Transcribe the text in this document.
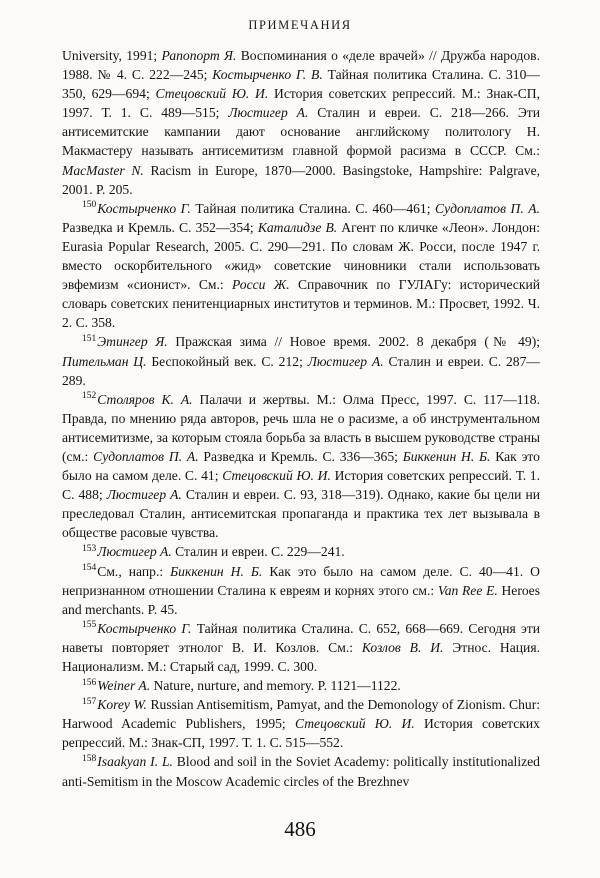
ПРИМЕЧАНИЯ

University, 1991; Рапопорт Я. Воспоминания о «деле врачей» // Дружба народов. 1988. № 4. С. 222—245; Костырченко Г. В. Тайная политика Сталина. С. 310—350, 629—694; Стецовский Ю. И. История советских репрессий. М.: Знак-СП, 1997. Т. 1. С. 489—515; Люстигер А. Сталин и евреи. С. 218—266. Эти антисемитские кампании дают основание английскому политологу Н. Макмастеру называть антисемитизм главной формой расизма в СССР. См.: MacMaster N. Racism in Europe, 1870—2000. Basingstoke, Hampshire: Palgrave, 2001. P. 205.

$^{150}$Костырченко Г. Тайная политика Сталина. С. 460—461; Судоплатов П. А. Разведка и Кремль. С. 352—354; Каталидзе В. Агент по кличке «Леон». Лондон: Eurasia Popular Research, 2005. С. 290—291. По словам Ж. Росси, после 1947 г. вместо оскорбительного «жид» советские чиновники стали использовать эвфемизм «сионист». См.: Росси Ж. Справочник по ГУЛАГу: исторический словарь советских пенитенциарных институтов и терминов. М.: Просвет, 1992. Ч. 2. С. 358.

$^{151}$Этингер Я. Пражская зима // Новое время. 2002. 8 декабря (№ 49); Пительман Ц. Беспокойный век. С. 212; Люстигер А. Сталин и евреи. С. 287—289.

$^{152}$Столяров К. А. Палачи и жертвы. М.: Олма Пресс, 1997. С. 117—118. Правда, по мнению ряда авторов, речь шла не о расизме, а об инструментальном антисемитизме, за которым стояла борьба за власть в высшем руководстве страны (см.: Судоплатов П. А. Разведка и Кремль. С. 336—365; Биккенин Н. Б. Как это было на самом деле. С. 41; Стецовский Ю. И. История советских репрессий. Т. 1. С. 488; Люстигер А. Сталин и евреи. С. 93, 318—319). Однако, какие бы цели ни преследовал Сталин, антисемитская пропаганда и практика тех лет вызывала в обществе расовые чувства.

$^{153}$Люстигер А. Сталин и евреи. С. 229—241.

$^{154}$См., напр.: Биккенин Н. Б. Как это было на самом деле. С. 40—41. О непризнанном отношении Сталина к евреям и корнях этого см.: Van Ree E. Heroes and merchants. P. 45.

$^{155}$Костырченко Г. Тайная политика Сталина. С. 652, 668—669. Сегодня эти наветы повторяет этнолог В. И. Козлов. См.: Козлов В. И. Этнос. Нация. Национализм. М.: Старый сад, 1999. С. 300.

$^{156}$Weiner A. Nature, nurture, and memory. P. 1121—1122.

$^{157}$Korey W. Russian Antisemitism, Pamyat, and the Demonology of Zionism. Chur: Harwood Academic Publishers, 1995; Стецовский Ю. И. История советских репрессий. М.: Знак-СП, 1997. Т. 1. С. 515—552.

$^{158}$Isaakyan I. L. Blood and soil in the Soviet Academy: politically institutionalized anti-Semitism in the Moscow Academic circles of the Brezhnev

486
